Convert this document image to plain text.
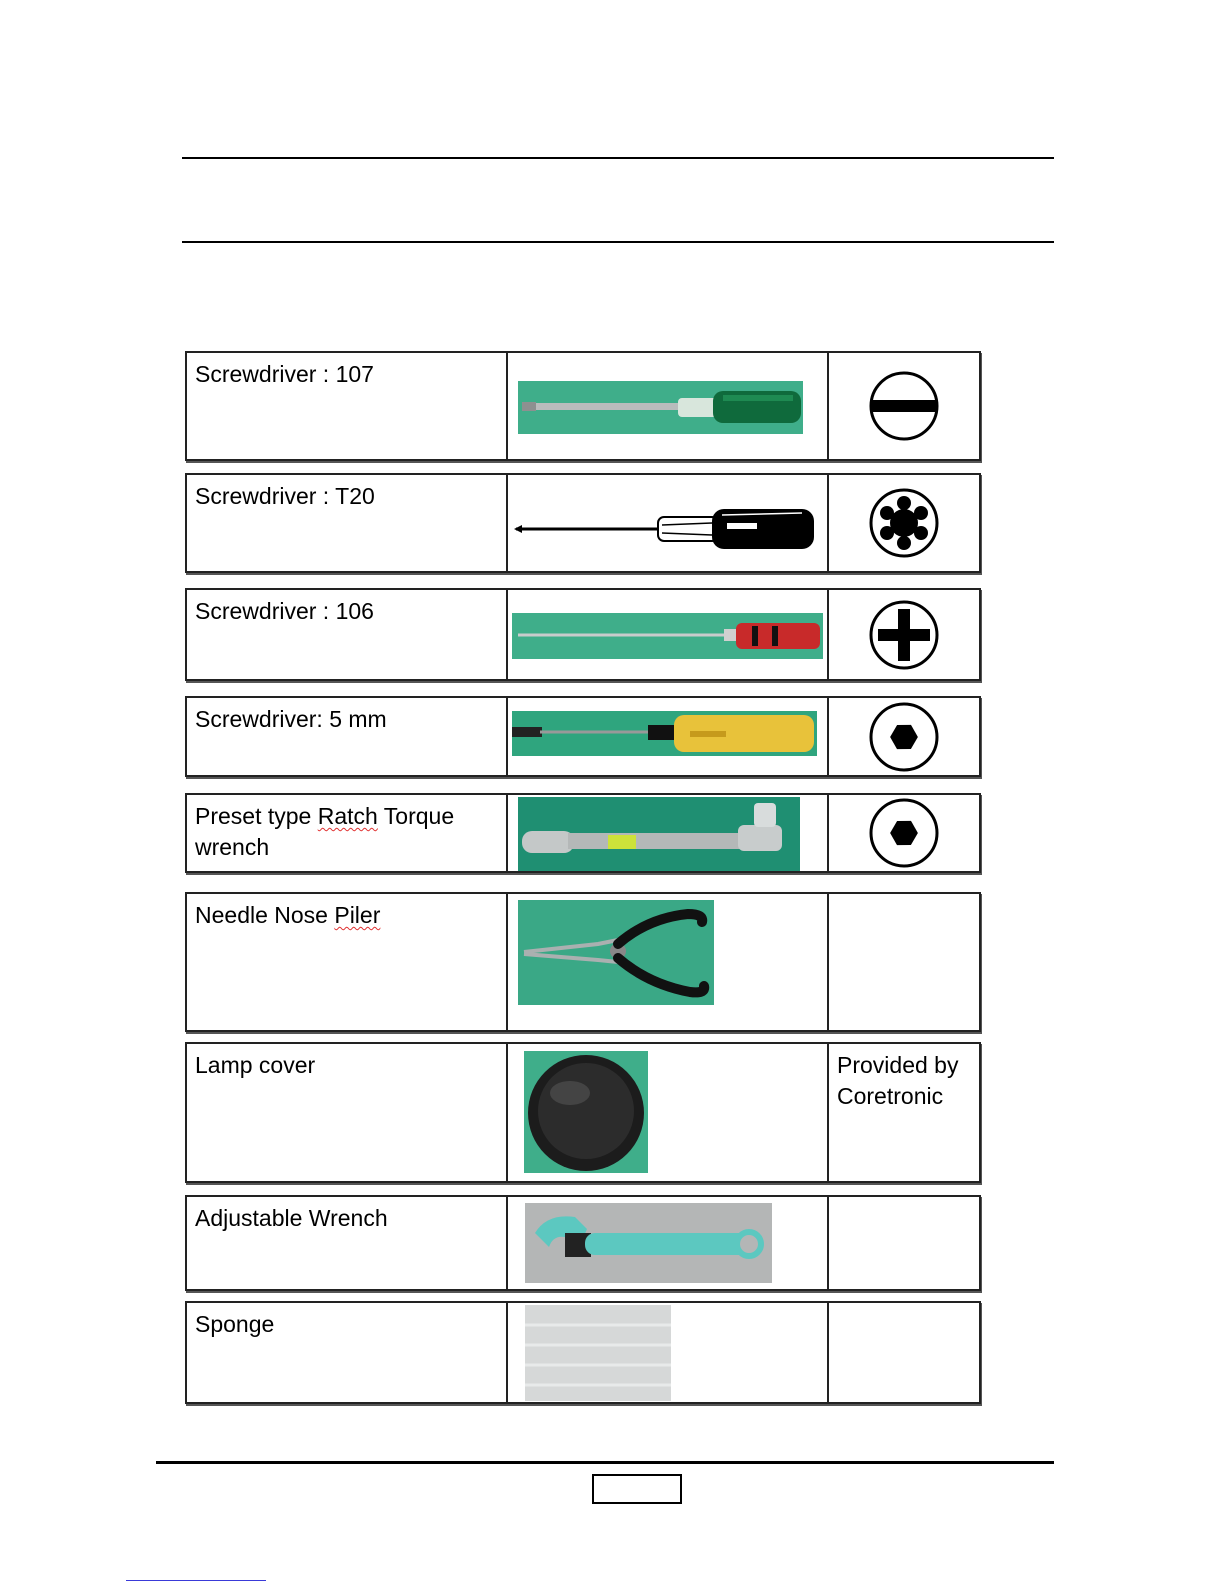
Screwdriver : 107
Screwdriver : T20
Screwdriver : 106
Screwdriver: 5 mm
Preset type Ratch Torque wrench
Needle Nose Piler
Lamp cover	Provided by Coretronic
Adjustable Wrench
Sponge
